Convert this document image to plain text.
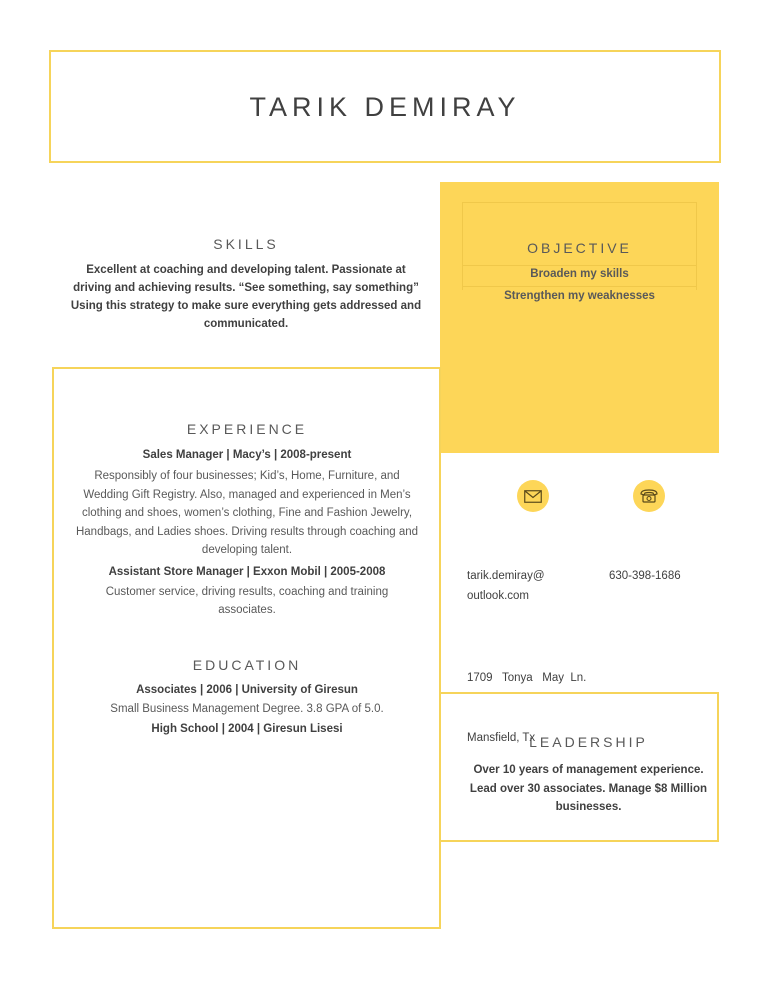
TARIK DEMIRAY
OBJECTIVE
Broaden my skills
Strengthen my weaknesses
SKILLS
Excellent at coaching and developing talent. Passionate at driving and achieving results. “See something, say something” Using this strategy to make sure everything gets addressed and communicated.
EXPERIENCE
Sales Manager | Macy’s | 2008-present
Responsibly of four businesses; Kid’s, Home, Furniture, and Wedding Gift Registry. Also, managed and experienced in Men’s clothing and shoes, women’s clothing, Fine and Fashion Jewelry, Handbags, and Ladies shoes. Driving results through coaching and developing talent.
Assistant Store Manager | Exxon Mobil | 2005-2008
Customer service, driving results, coaching and training associates.
EDUCATION
Associates | 2006 | University of Giresun
Small Business Management Degree. 3.8 GPA of 5.0.
High School | 2004 | Giresun Lisesi
tarik.demiray@
outlook.com
630-398-1686

1709   Tonya   May  Ln.

Mansfield, Tx

LEADERSHIP
Over 10 years of management experience. Lead over 30 associates. Manage $8 Million businesses.
